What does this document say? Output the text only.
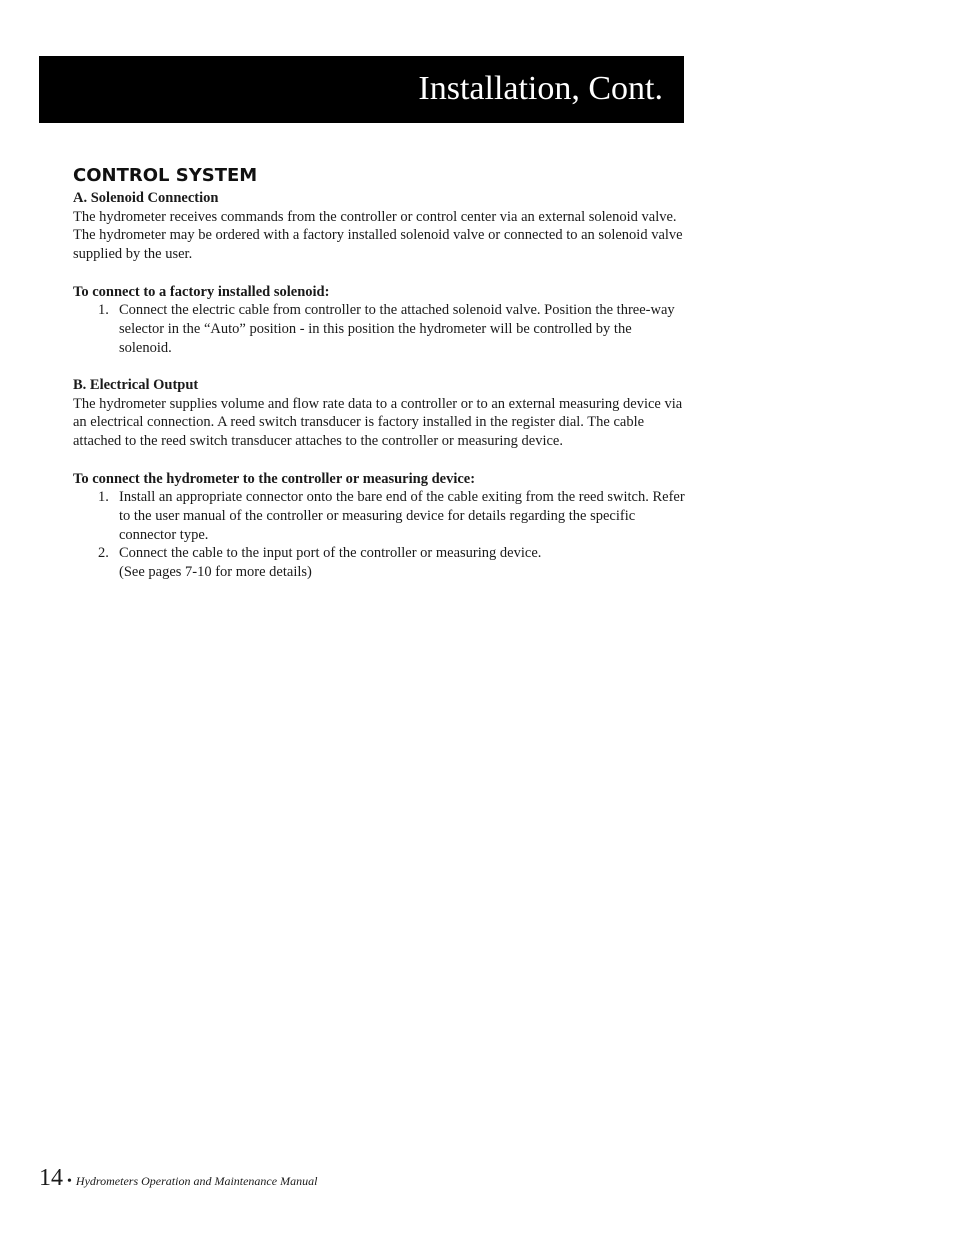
Installation, Cont.
CONTROL SYSTEM

A. Solenoid Connection

The hydrometer receives commands from the controller or control center via an external solenoid valve. The hydrometer may be ordered with a factory installed solenoid valve or connected to an solenoid valve supplied by the user.

To connect to a factory installed solenoid:

1. Connect the electric cable from controller to the attached solenoid valve. Position the three-way selector in the “Auto” position - in this position the hydrometer will be controlled by the solenoid.

B. Electrical Output

The hydrometer supplies volume and flow rate data to a controller or to an external measuring device via an electrical connection. A reed switch transducer is factory installed in the register dial. The cable attached to the reed switch transducer attaches to the controller or measuring device.

To connect the hydrometer to the controller or measuring device:

1. Install an appropriate connector onto the bare end of the cable exiting from the reed switch. Refer to the user manual of the controller or measuring device for details regarding the specific connector type.
2. Connect the cable to the input port of the controller or measuring device.
(See pages 7-10 for more details)
14 • Hydrometers Operation and Maintenance Manual
